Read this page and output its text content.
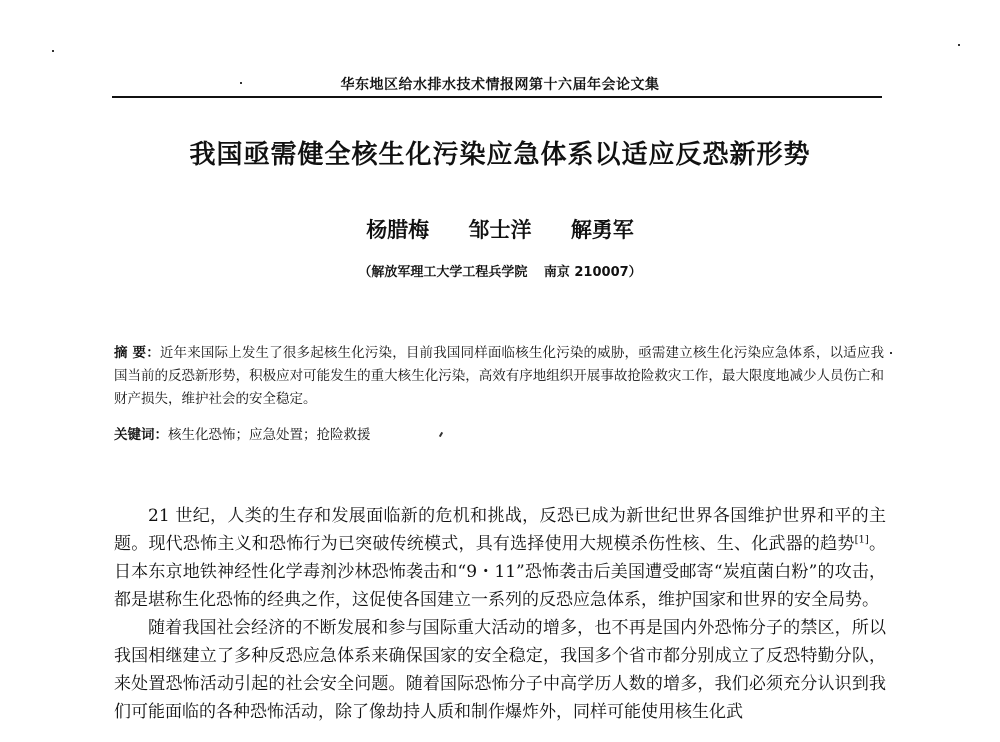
华东地区给水排水技术情报网第十六届年会论文集
我国亟需健全核生化污染应急体系以适应反恐新形势
杨腊梅 邹士洋 解勇军
（解放军理工大学工程兵学院 南京 210007）
摘 要：近年来国际上发生了很多起核生化污染，目前我国同样面临核生化污染的威胁，亟需建立核生化污染应急体系，以适应我国当前的反恐新形势，积极应对可能发生的重大核生化污染，高效有序地组织开展事故抢险救灾工作，最大限度地减少人员伤亡和财产损失，维护社会的安全稳定。
关键词：核生化恐怖；应急处置；抢险救援

21 世纪，人类的生存和发展面临新的危机和挑战，反恐已成为新世纪世界各国维护世界和平的主题。现代恐怖主义和恐怖行为已突破传统模式，具有选择使用大规模杀伤性核、生、化武器的趋势[1]。日本东京地铁神经性化学毒剂沙林恐怖袭击和“9・11”恐怖袭击后美国遭受邮寄“炭疽菌白粉”的攻击，都是堪称生化恐怖的经典之作，这促使各国建立一系列的反恐应急体系，维护国家和世界的安全局势。

随着我国社会经济的不断发展和参与国际重大活动的增多，也不再是国内外恐怖分子的禁区，所以我国相继建立了多种反恐应急体系来确保国家的安全稳定，我国多个省市都分别成立了反恐特勤分队，来处置恐怖活动引起的社会安全问题。随着国际恐怖分子中高学历人数的增多，我们必须充分认识到我们可能面临的各种恐怖活动，除了像劫持人质和制作爆炸外，同样可能使用核生化武
